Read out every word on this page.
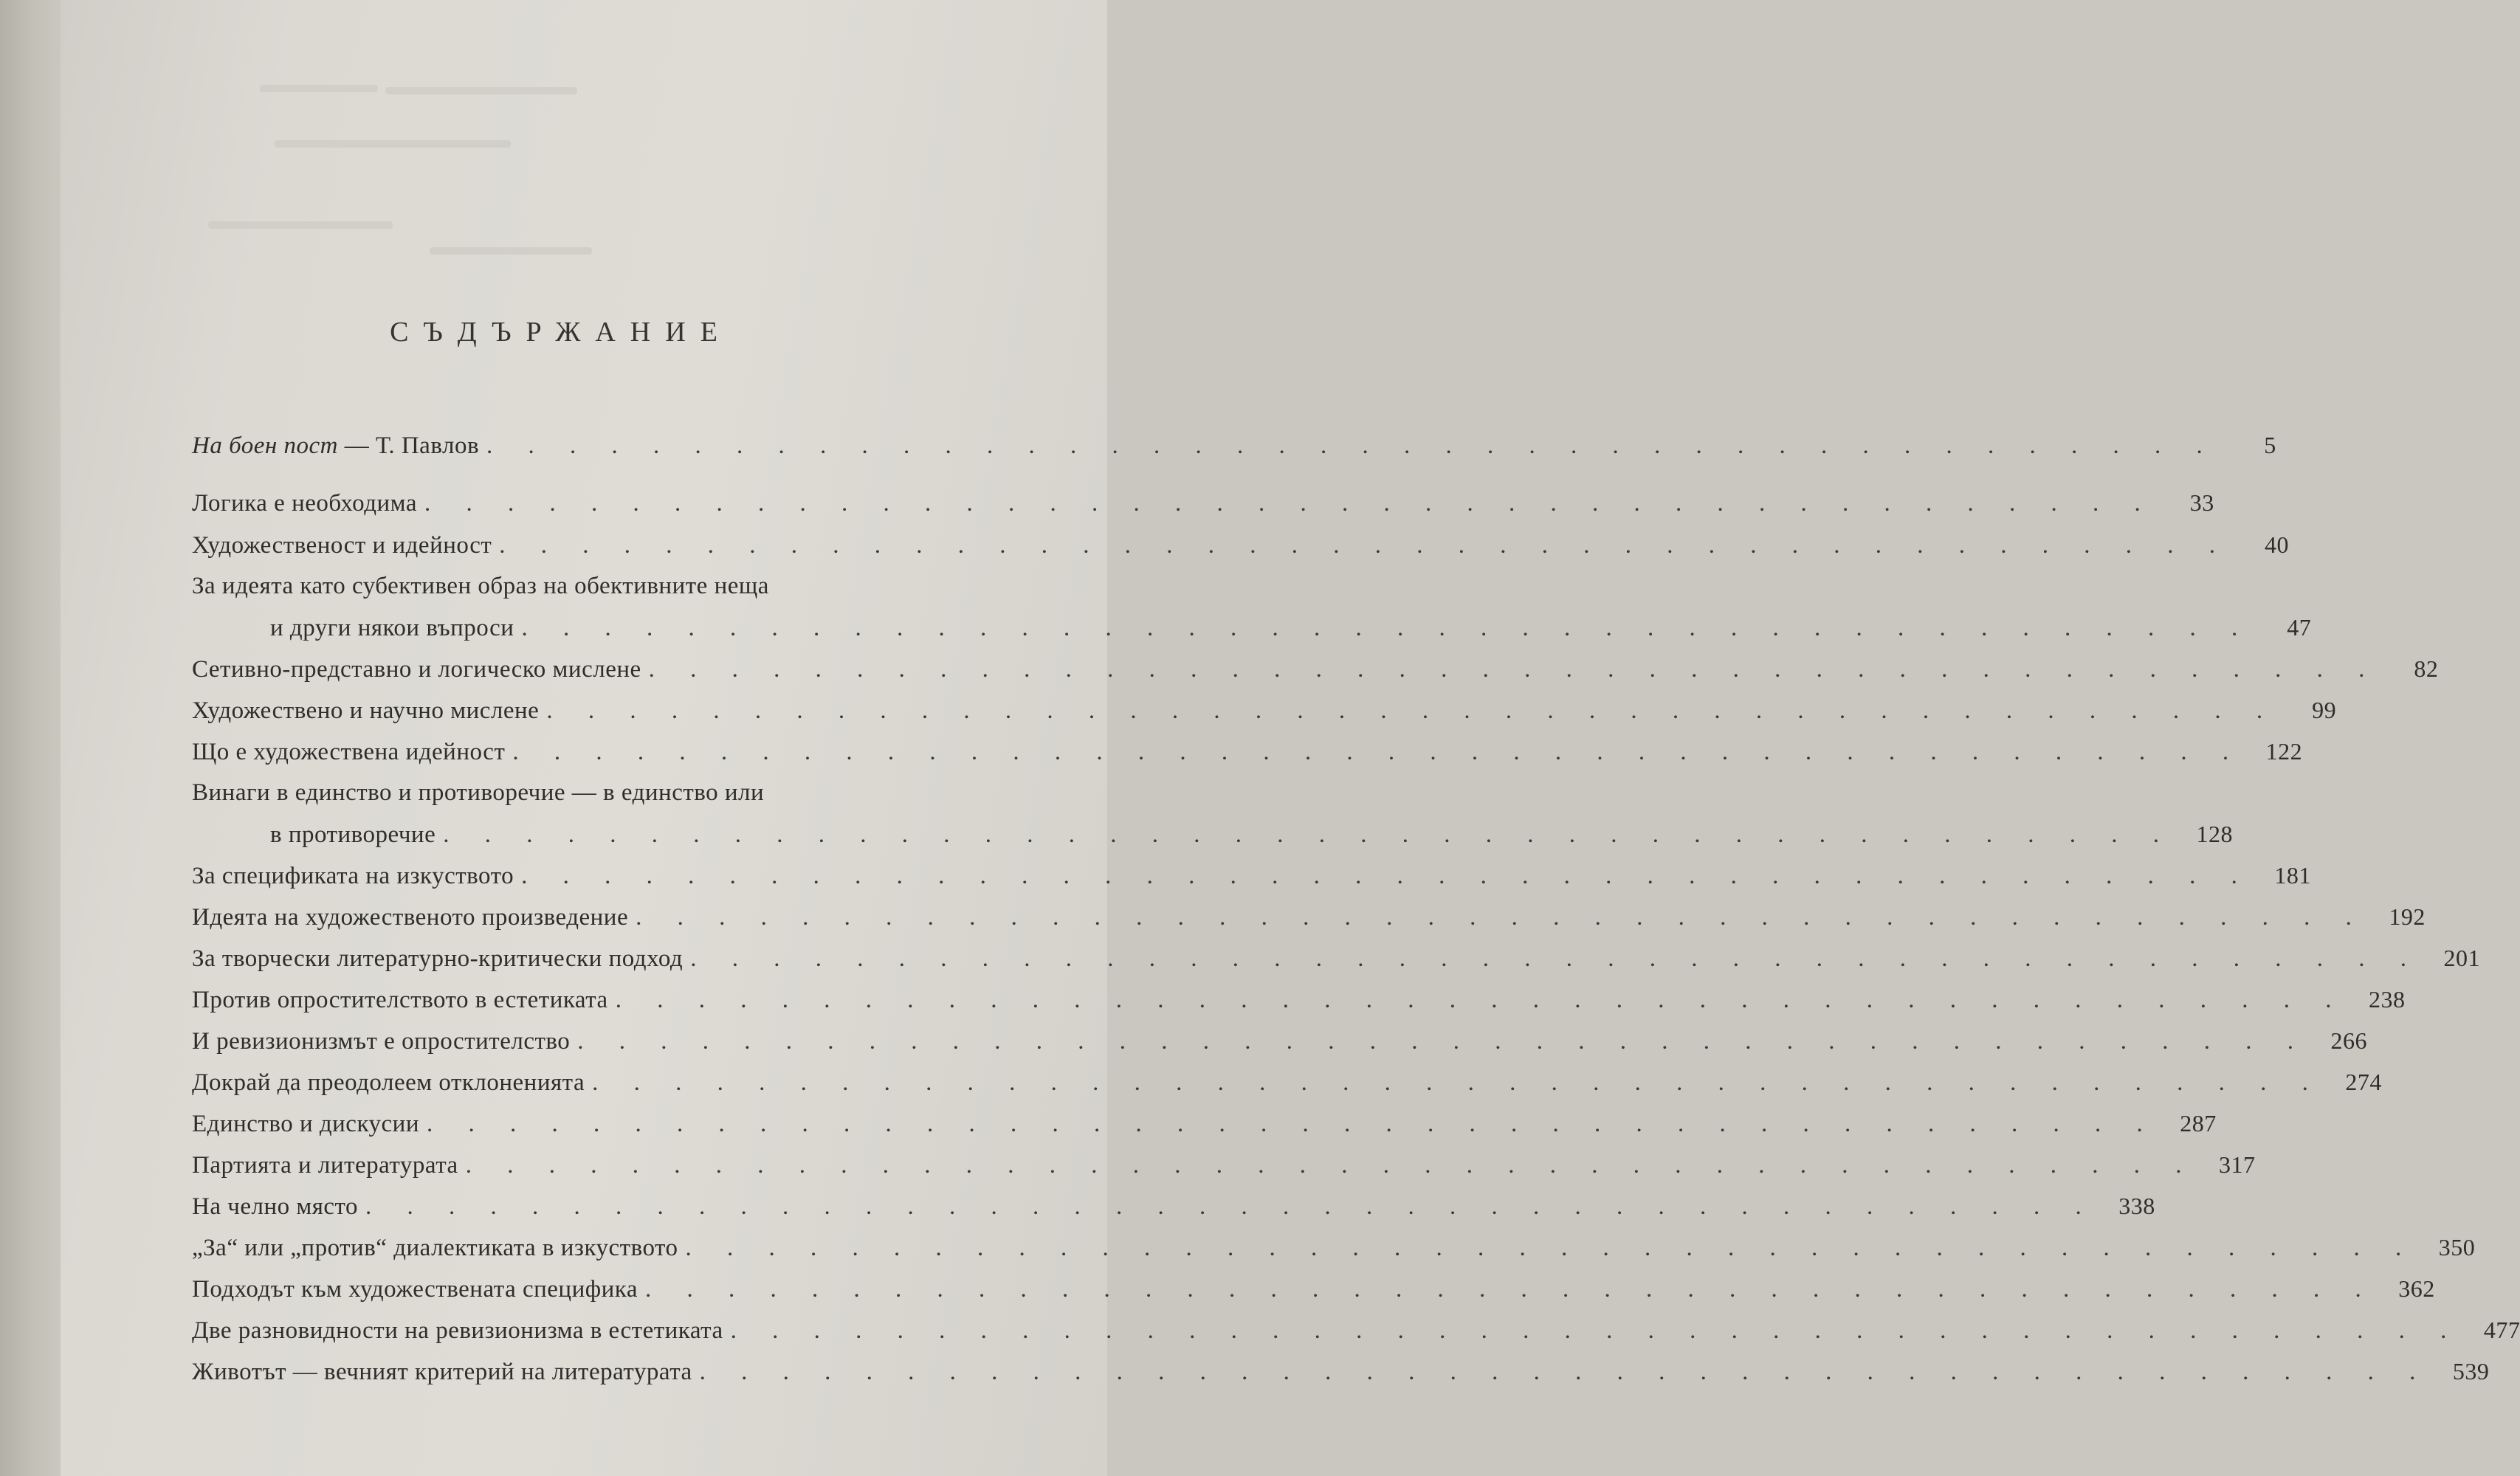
СЪДЪРЖАНИЕ
На боен пост — Т. Павлов . . . . . . . . . . . . . . . . . . . . . . . . . . . . . . . . . . . . . . . . . .	5
Логика е необходима . . . . . . . . . . . . . . . . . . . . . . . . . . . . . . . . . . . . . . . . . .	33
Художественост и идейност . . . . . . . . . . . . . . . . . . . . . . . . . . . . . . . . . . . . . . . . . .	40
За идеята като субективен образ на обективните неща
и други някои въпроси . . . . . . . . . . . . . . . . . . . . . . . . . . . . . . . . . . . . . . . . . .	47
Сетивно-представно и логическо мислене . . . . . . . . . . . . . . . . . . . . . . . . . . . . . . . . . . . . . . . . . .	82
Художествено и научно мислене . . . . . . . . . . . . . . . . . . . . . . . . . . . . . . . . . . . . . . . . . .	99
Що е художествена идейност . . . . . . . . . . . . . . . . . . . . . . . . . . . . . . . . . . . . . . . . . . 122
Винаги в единство и противоречие — в единство или
в противоречие . . . . . . . . . . . . . . . . . . . . . . . . . . . . . . . . . . . . . . . . . . 128
За спецификата на изкуството . . . . . . . . . . . . . . . . . . . . . . . . . . . . . . . . . . . . . . . . . . 181
Идеята на художественото произведение . . . . . . . . . . . . . . . . . . . . . . . . . . . . . . . . . . . . . . . . . . 192
За творчески литературно-критически подход . . . . . . . . . . . . . . . . . . . . . . . . . . . . . . . . . . . . . . . . . . 201
Против опростителството в естетиката . . . . . . . . . . . . . . . . . . . . . . . . . . . . . . . . . . . . . . . . . . 238
И ревизионизмът е опростителство . . . . . . . . . . . . . . . . . . . . . . . . . . . . . . . . . . . . . . . . . . 266
Докрай да преодолеем отклоненията . . . . . . . . . . . . . . . . . . . . . . . . . . . . . . . . . . . . . . . . . . 274
Единство и дискусии . . . . . . . . . . . . . . . . . . . . . . . . . . . . . . . . . . . . . . . . . . 287
Партията и литературата . . . . . . . . . . . . . . . . . . . . . . . . . . . . . . . . . . . . . . . . . . 317
На челно място . . . . . . . . . . . . . . . . . . . . . . . . . . . . . . . . . . . . . . . . . . 338
„За“ или „против“ диалектиката в изкуството . . . . . . . . . . . . . . . . . . . . . . . . . . . . . . . . . . . . . . . . . . 350
Подходът към художествената специфика . . . . . . . . . . . . . . . . . . . . . . . . . . . . . . . . . . . . . . . . . . 362
Две разновидности на ревизионизма в естетиката . . . . . . . . . . . . . . . . . . . . . . . . . . . . . . . . . . . . . . . . . . 477
Животът — вечният критерий на литературата . . . . . . . . . . . . . . . . . . . . . . . . . . . . . . . . . . . . . . . . . . 539
